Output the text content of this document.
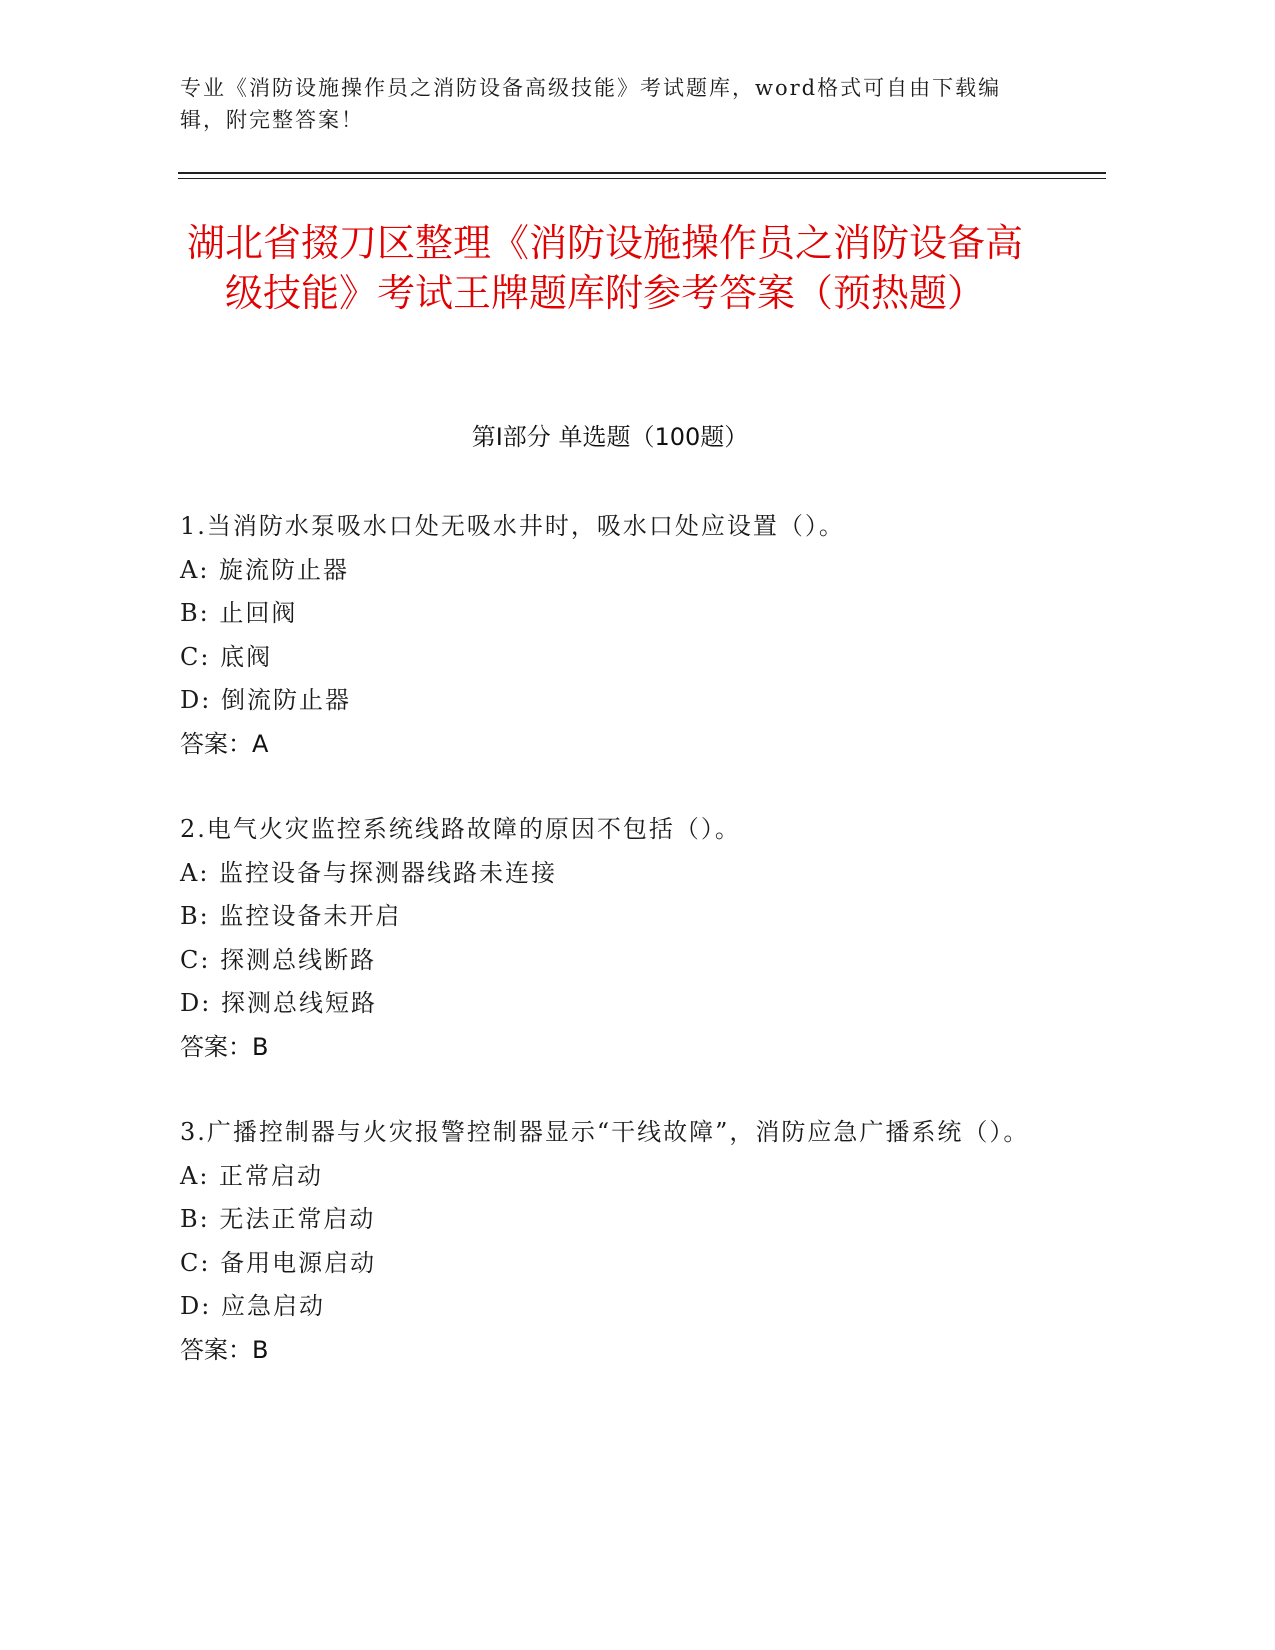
专业《消防设施操作员之消防设备高级技能》考试题库，word格式可自由下载编辑，附完整答案！
湖北省掇刀区整理《消防设施操作员之消防设备高级技能》考试王牌题库附参考答案（预热题）
第Ⅰ部分 单选题（100题）
1.当消防水泵吸水口处无吸水井时，吸水口处应设置（）。
A: 旋流防止器
B: 止回阀
C: 底阀
D: 倒流防止器
答案：A
2.电气火灾监控系统线路故障的原因不包括（）。
A: 监控设备与探测器线路未连接
B: 监控设备未开启
C: 探测总线断路
D: 探测总线短路
答案：B
3.广播控制器与火灾报警控制器显示“干线故障”，消防应急广播系统（）。
A: 正常启动
B: 无法正常启动
C: 备用电源启动
D: 应急启动
答案：B
